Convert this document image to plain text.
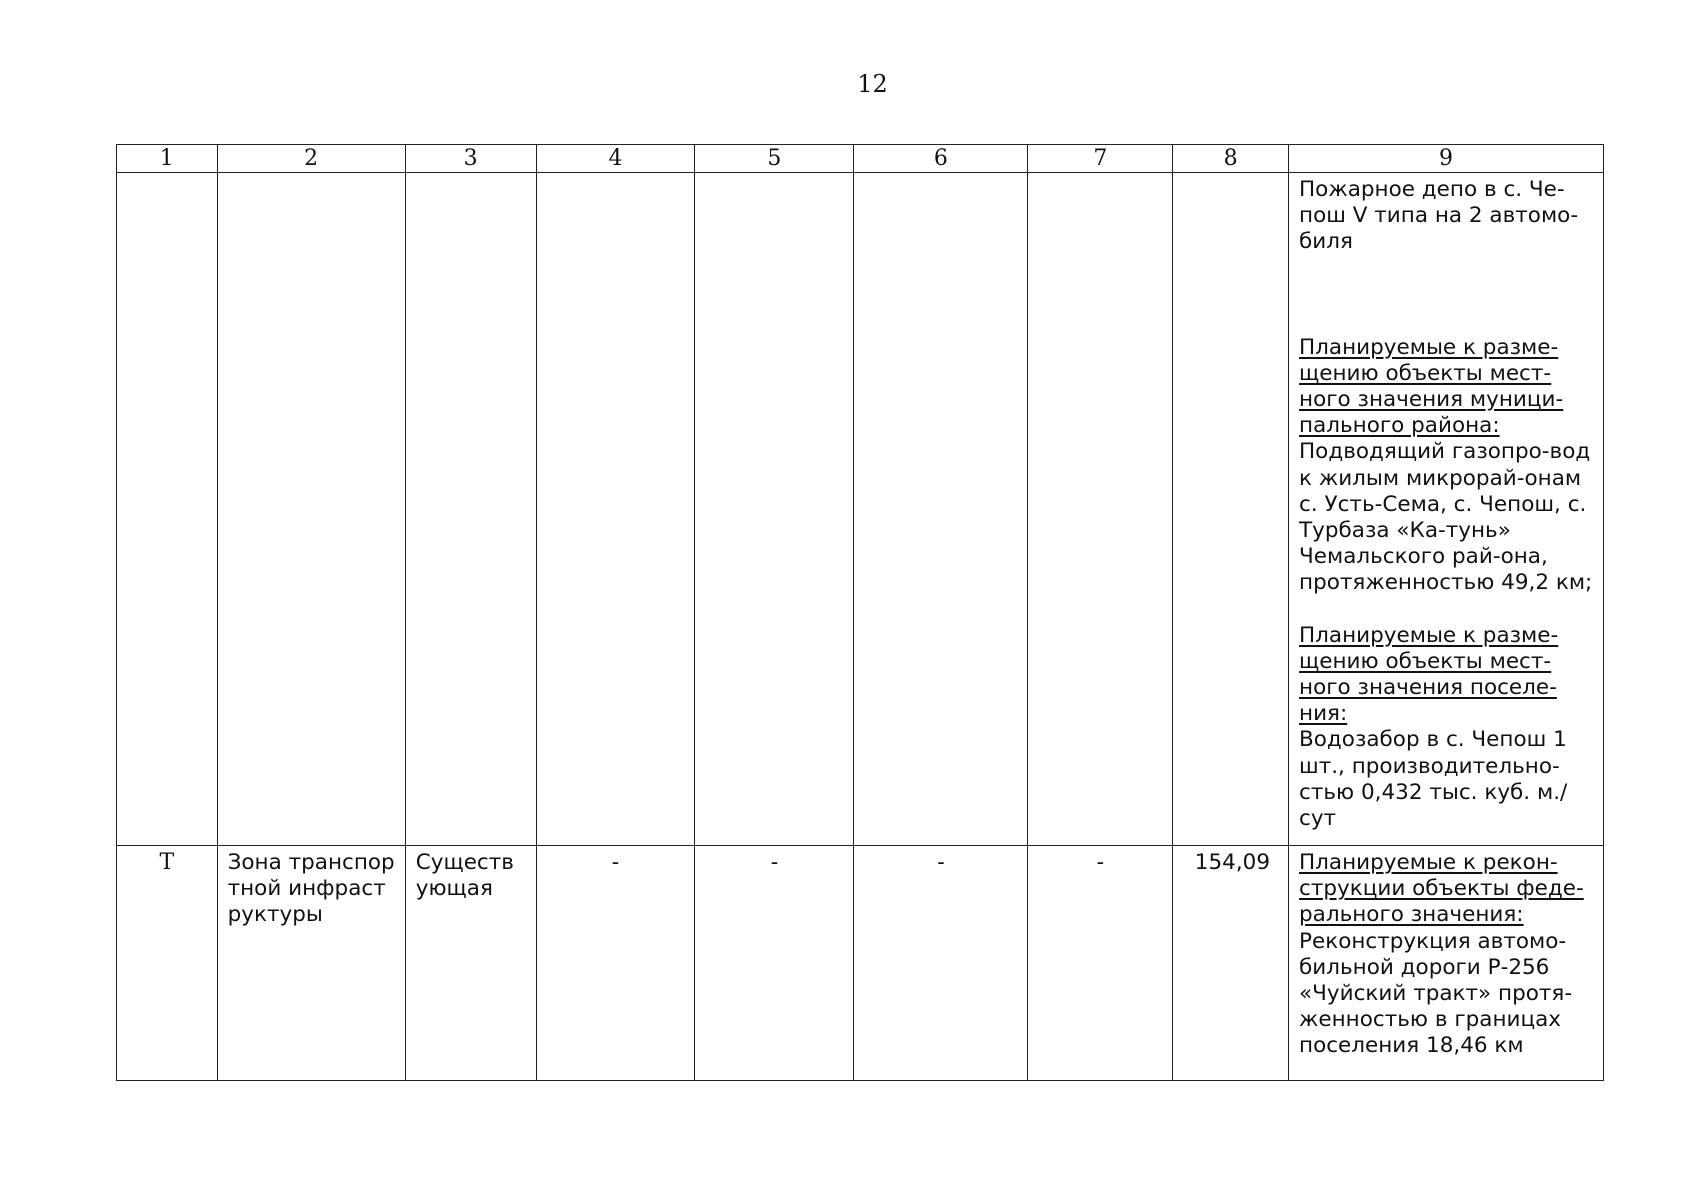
12
1	2	3	4	5	6	7	8	9

								Пожарное депо в с. Че-пош V типа на 2 автомо-биля
Планируемые к разме-щению объекты мест-ного значения муници-пального района:
Подводящий газопро-вод к жилым микрорай-онам с. Усть-Сема, с. Чепош, с. Турбаза «Ка-тунь» Чемальского рай-она, протяженностью 49,2 км;
Планируемые к разме-щению объекты мест-ного значения поселе-ния:
Водозабор в с. Чепош 1 шт., производительно-стью 0,432 тыс. куб. м./сут

Т	Зона транспортной инфраструктуры	Существующая	-	-	-	-	154,09	Планируемые к рекон-струкции объекты феде-рального значения:
Реконструкция автомо-бильной дороги Р-256 «Чуйский тракт» протя-женностью в границах поселения 18,46 км
